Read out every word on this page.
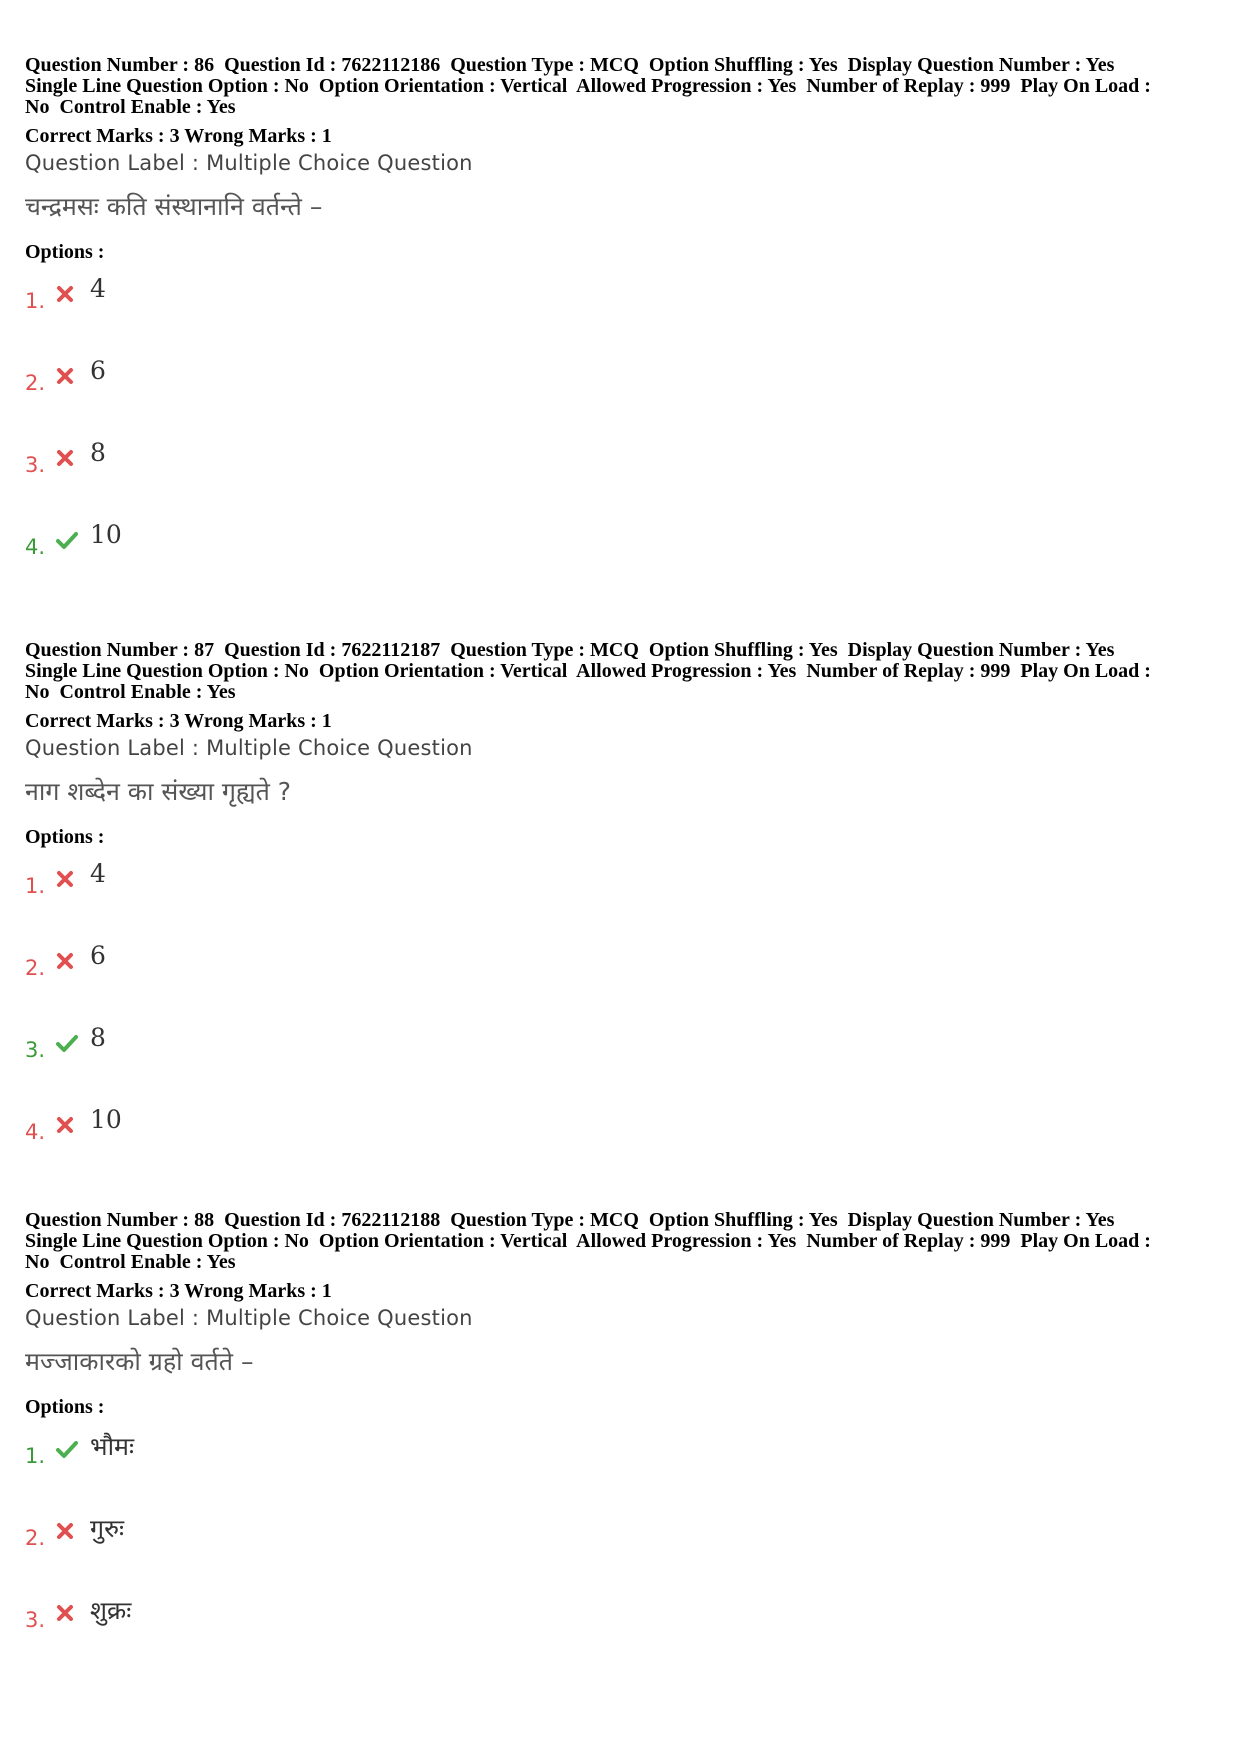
Question Number : 86  Question Id : 7622112186  Question Type : MCQ  Option Shuffling : Yes  Display Question Number : Yes
Single Line Question Option : No  Option Orientation : Vertical  Allowed Progression : Yes  Number of Replay : 999  Play On Load :
No  Control Enable : Yes
Correct Marks : 3 Wrong Marks : 1
Question Label : Multiple Choice Question
चन्द्रमसः कति संस्थानानि वर्तन्ते –
Options :
1. 4
2. 6
3. 8
4. 10
Question Number : 87  Question Id : 7622112187  Question Type : MCQ  Option Shuffling : Yes  Display Question Number : Yes
Single Line Question Option : No  Option Orientation : Vertical  Allowed Progression : Yes  Number of Replay : 999  Play On Load :
No  Control Enable : Yes
Correct Marks : 3 Wrong Marks : 1
Question Label : Multiple Choice Question
नाग शब्देन का संख्या गृह्यते ?
Options :
1. 4
2. 6
3. 8
4. 10
Question Number : 88  Question Id : 7622112188  Question Type : MCQ  Option Shuffling : Yes  Display Question Number : Yes
Single Line Question Option : No  Option Orientation : Vertical  Allowed Progression : Yes  Number of Replay : 999  Play On Load :
No  Control Enable : Yes
Correct Marks : 3 Wrong Marks : 1
Question Label : Multiple Choice Question
मज्जाकारको ग्रहो वर्तते –
Options :
1. भौमः
2. गुरुः
3. शुक्रः
